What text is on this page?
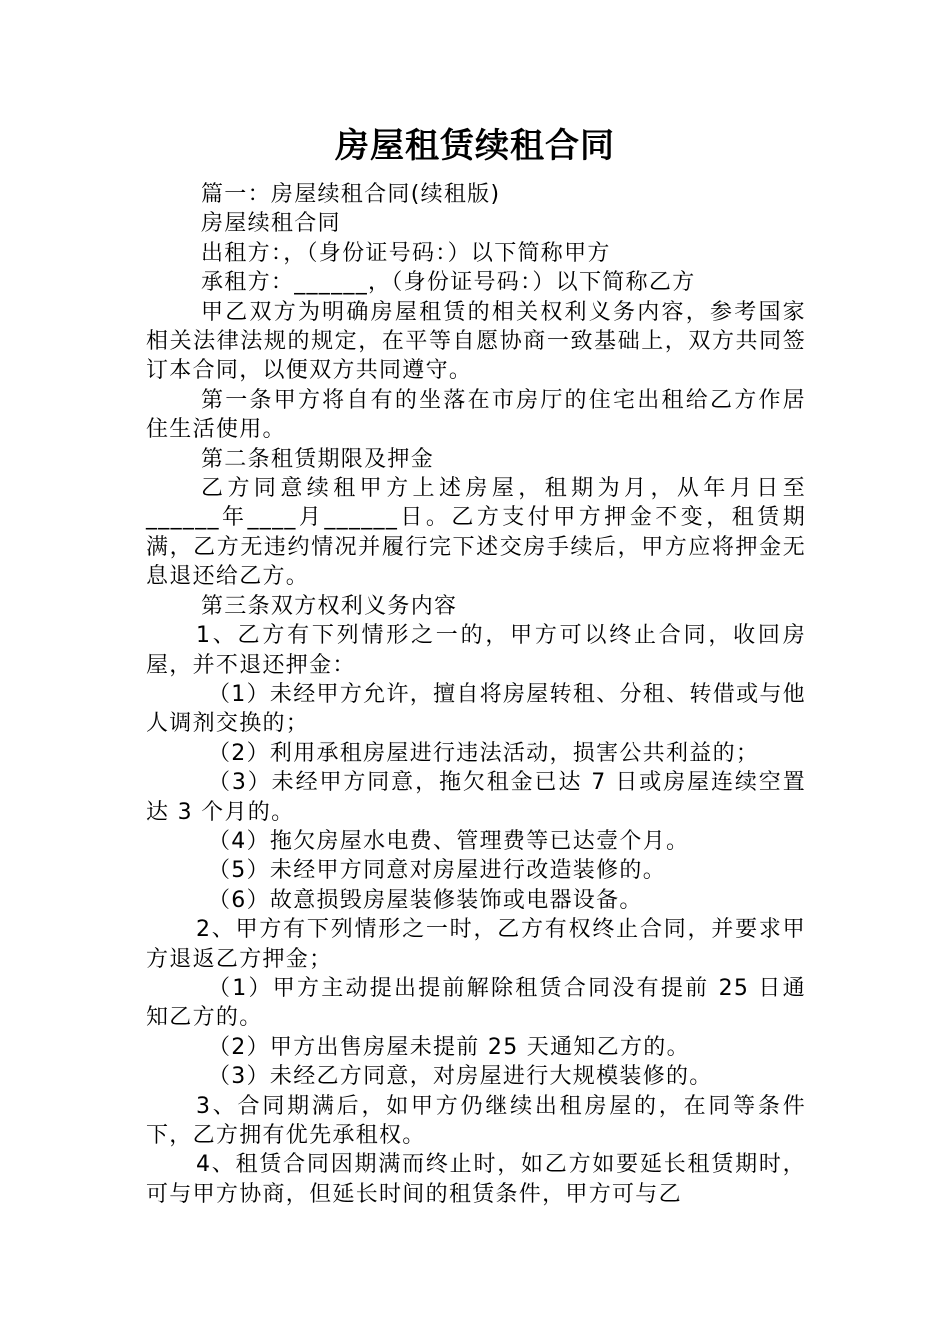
房屋租赁续租合同

篇一：房屋续租合同(续租版)

房屋续租合同

出租方：，（身份证号码：）以下简称甲方

承租方：______，（身份证号码：）以下简称乙方

甲乙双方为明确房屋租赁的相关权利义务内容，参考国家相关法律法规的规定，在平等自愿协商一致基础上，双方共同签订本合同，以便双方共同遵守。

第一条甲方将自有的坐落在市房厅的住宅出租给乙方作居住生活使用。

第二条租赁期限及押金

乙方同意续租甲方上述房屋，租期为月，从年月日至______年____月______日。乙方支付甲方押金不变，租赁期满，乙方无违约情况并履行完下述交房手续后，甲方应将押金无息退还给乙方。

第三条双方权利义务内容

1、乙方有下列情形之一的，甲方可以终止合同，收回房屋，并不退还押金：

（1）未经甲方允许，擅自将房屋转租、分租、转借或与他人调剂交换的；

（2）利用承租房屋进行违法活动，损害公共利益的；

（3）未经甲方同意，拖欠租金已达 7 日或房屋连续空置达 3 个月的。

（4）拖欠房屋水电费、管理费等已达壹个月。

（5）未经甲方同意对房屋进行改造装修的。

（6）故意损毁房屋装修装饰或电器设备。

2、甲方有下列情形之一时，乙方有权终止合同，并要求甲方退返乙方押金；

（1）甲方主动提出提前解除租赁合同没有提前 25 日通知乙方的。

（2）甲方出售房屋未提前 25 天通知乙方的。

（3）未经乙方同意，对房屋进行大规模装修的。

3、合同期满后，如甲方仍继续出租房屋的，在同等条件下，乙方拥有优先承租权。

4、租赁合同因期满而终止时，如乙方如要延长租赁期时，可与甲方协商，但延长时间的租赁条件，甲方可与乙
